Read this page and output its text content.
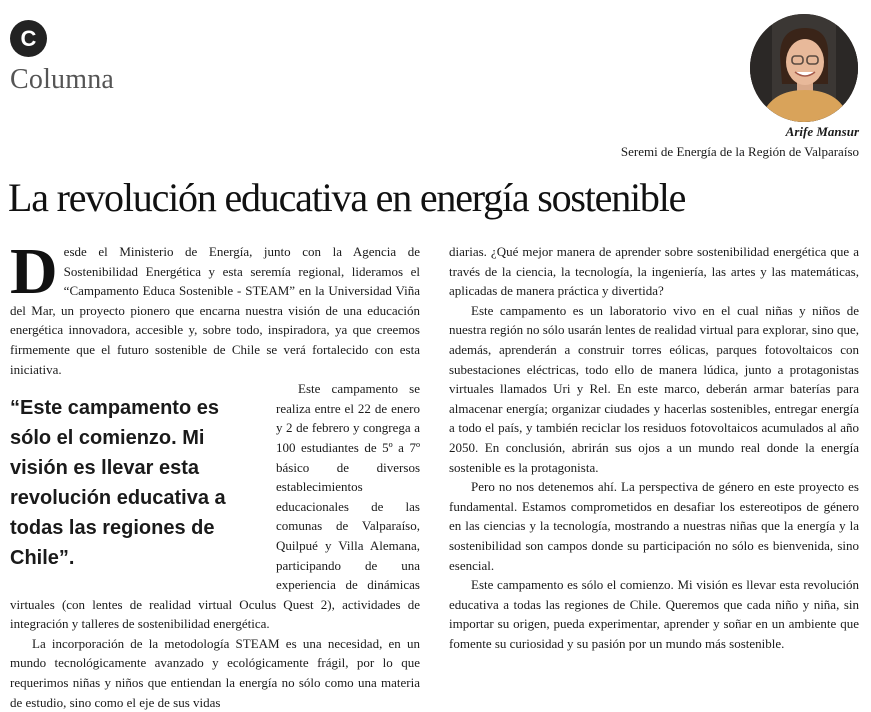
C
Columna
Arife Mansur
Seremi de Energía de la Región de Valparaíso
La revolución educativa en energía sostenible

Desde el Ministerio de Energía, junto con la Agencia de Sostenibilidad Energética y esta seremía regional, lideramos el “Campamento Educa Sostenible - STEAM” en la Universidad Viña del Mar, un proyecto pionero que encarna nuestra visión de una educación energética innovadora, accesible y, sobre todo, inspiradora, ya que creemos firmemente que el futuro sostenible de Chile se verá fortalecido con esta iniciativa.

“Este campamento es sólo el comienzo. Mi visión es llevar esta revolución educativa a todas las regiones de Chile”.

Este campamento se realiza entre el 22 de enero y 2 de febrero y congrega a 100 estudiantes de 5º a 7º básico de diversos establecimientos educacionales de las comunas de Valparaíso, Quilpué y Villa Alemana, participando de una experiencia de dinámicas virtuales (con lentes de realidad virtual Oculus Quest 2), actividades de integración y talleres de sostenibilidad energética.

La incorporación de la metodología STEAM es una necesidad, en un mundo tecnológicamente avanzado y ecológicamente frágil, por lo que requerimos niñas y niños que entiendan la energía no sólo como una materia de estudio, sino como el eje de sus vidas

diarias. ¿Qué mejor manera de aprender sobre sostenibilidad energética que a través de la ciencia, la tecnología, la ingeniería, las artes y las matemáticas, aplicadas de manera práctica y divertida?

Este campamento es un laboratorio vivo en el cual niñas y niños de nuestra región no sólo usarán lentes de realidad virtual para explorar, sino que, además, aprenderán a construir torres eólicas, parques fotovoltaicos con subestaciones eléctricas, todo ello de manera lúdica, junto a protagonistas virtuales llamados Uri y Rel. En este marco, deberán armar baterías para almacenar energía; organizar ciudades y hacerlas sostenibles, entregar energía a todo el país, y también reciclar los residuos fotovoltaicos acumulados al año 2050. En conclusión, abrirán sus ojos a un mundo real donde la energía sostenible es la protagonista.

Pero no nos detenemos ahí. La perspectiva de género en este proyecto es fundamental. Estamos comprometidos en desafiar los estereotipos de género en las ciencias y la tecnología, mostrando a nuestras niñas que la energía y la sostenibilidad son campos donde su participación no sólo es bienvenida, sino esencial.

Este campamento es sólo el comienzo. Mi visión es llevar esta revolución educativa a todas las regiones de Chile. Queremos que cada niño y niña, sin importar su origen, pueda experimentar, aprender y soñar en un ambiente que fomente su curiosidad y su pasión por un mundo más sostenible.
